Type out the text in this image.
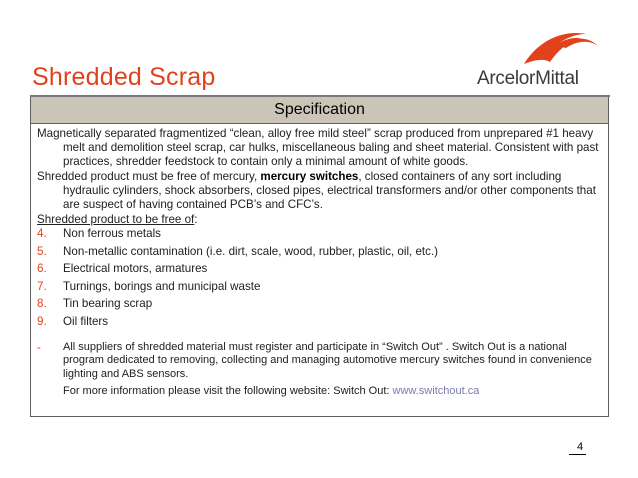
Shredded Scrap	ArcelorMittal
Specification

Magnetically separated fragmentized “clean, alloy free mild steel” scrap produced from unprepared #1 heavy melt and demolition steel scrap, car hulks, miscellaneous baling and sheet material. Consistent with past practices, shredder feedstock to contain only a minimal amount of white goods.

Shredded product must be free of mercury, mercury switches, closed containers of any sort including hydraulic cylinders, shock absorbers, closed pipes, electrical transformers and/or other components that are suspect of having contained PCB’s and CFC’s.

Shredded product to be free of:
4.	Non ferrous metals
5.	Non-metallic contamination (i.e. dirt, scale, wood, rubber, plastic, oil, etc.)
6.	Electrical motors, armatures
7.	Turnings, borings and municipal waste
8.	Tin bearing scrap
9.	Oil filters
-	All suppliers of shredded material must register and participate in “Switch Out” . Switch Out is a national program dedicated to removing, collecting and managing automotive mercury switches found in convenience lighting and ABS sensors.
For more information please visit the following website: Switch Out: www.switchout.ca
4
